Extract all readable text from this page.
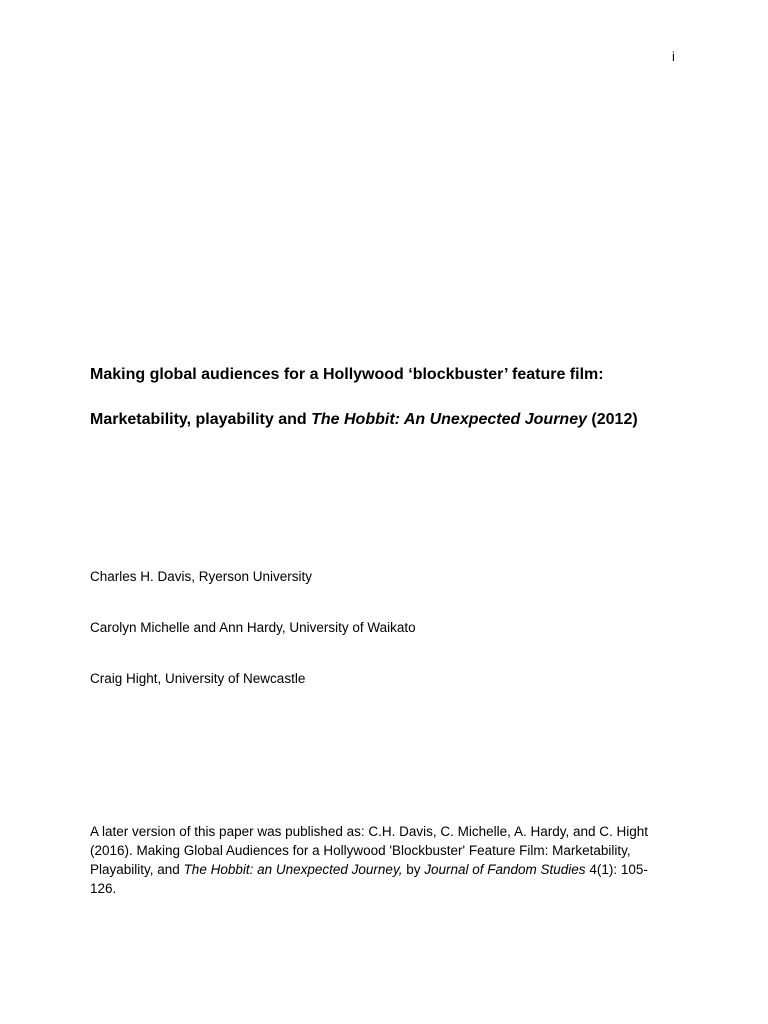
i
Making global audiences for a Hollywood ‘blockbuster’ feature film:
Marketability, playability and The Hobbit: An Unexpected Journey (2012)
Charles H. Davis, Ryerson University
Carolyn Michelle and Ann Hardy, University of Waikato
Craig Hight, University of Newcastle
A later version of this paper was published as: C.H. Davis, C. Michelle, A. Hardy, and C. Hight
(2016). Making Global Audiences for a Hollywood 'Blockbuster' Feature Film: Marketability,
Playability, and The Hobbit: an Unexpected Journey, by Journal of Fandom Studies 4(1): 105-
126.
